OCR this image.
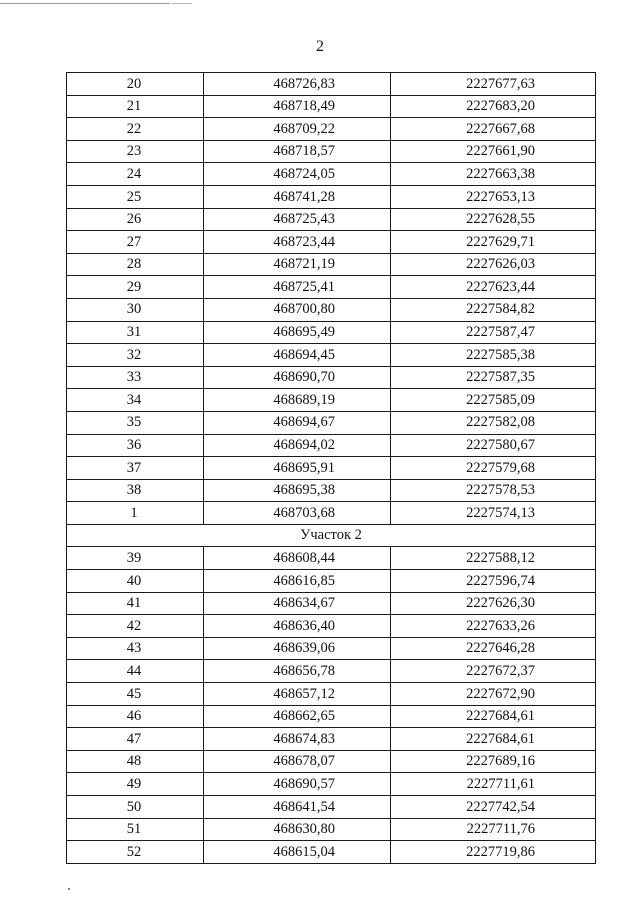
2
20	468726,83	2227677,63
21	468718,49	2227683,20
22	468709,22	2227667,68
23	468718,57	2227661,90
24	468724,05	2227663,38
25	468741,28	2227653,13
26	468725,43	2227628,55
27	468723,44	2227629,71
28	468721,19	2227626,03
29	468725,41	2227623,44
30	468700,80	2227584,82
31	468695,49	2227587,47
32	468694,45	2227585,38
33	468690,70	2227587,35
34	468689,19	2227585,09
35	468694,67	2227582,08
36	468694,02	2227580,67
37	468695,91	2227579,68
38	468695,38	2227578,53
1	468703,68	2227574,13
Участок 2		
39	468608,44	2227588,12
40	468616,85	2227596,74
41	468634,67	2227626,30
42	468636,40	2227633,26
43	468639,06	2227646,28
44	468656,78	2227672,37
45	468657,12	2227672,90
46	468662,65	2227684,61
47	468674,83	2227684,61
48	468678,07	2227689,16
49	468690,57	2227711,61
50	468641,54	2227742,54
51	468630,80	2227711,76
52	468615,04	2227719,86
